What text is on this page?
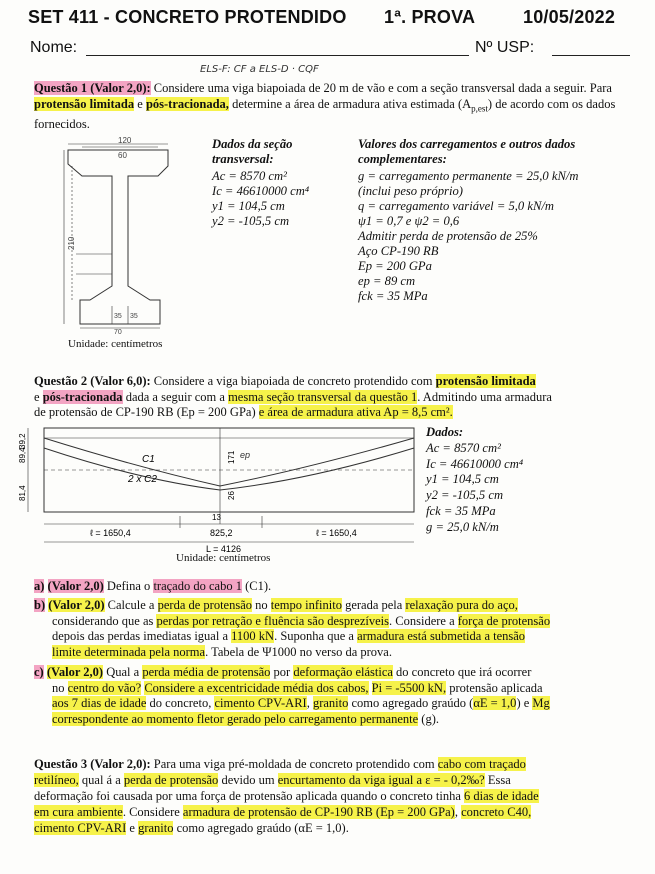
SET 411 - CONCRETO PROTENDIDO 1ª. PROVA	10/05/2022
Nome:	Nº USP:
ELS-F: CF a ELS-D · CQF
Questão 1 (Valor 2,0): Considere uma viga biapoiada de 20 m de vão e com a seção transversal dada a seguir. Para protensão limitada e pós-tracionada, determine a área de armadura ativa estimada $(A_{p,est})$ de acordo com os dados fornecidos.
120
60
210
35 35
70
Unidade: centímetros
Dados da seção transversal:
Ac = 8570 cm²
Ic = 46610000 cm⁴
y1 = 104,5 cm
y2 = -105,5 cm
Valores dos carregamentos e outros dados complementares:
g = carregamento permanente = 25,0 kN/m
(inclui peso próprio)
q = carregamento variável = 5,0 kN/m
ψ1 = 0,7 e ψ2 = 0,6
Admitir perda de protensão de 25%
Aço CP-190 RB
Ep = 200 GPa
ep = 89 cm
fck = 35 MPa
Questão 2 (Valor 6,0): Considere a viga biapoiada de concreto protendido com protensão limitada
e pós-tracionada dada a seguir com a mesma seção transversal da questão 1. Admitindo uma armadura
de protensão de CP-190 RB (Ep = 200 GPa) e área de armadura ativa Ap = 8,5 cm².
39,2
89,4
81,4
C1
2 x C2
171
26
13
ep
ℓ = 1650,4	825,2	ℓ = 1650,4
L = 4126
Unidade: centímetros
Dados:
Ac = 8570 cm²
Ic = 46610000 cm⁴
y1 = 104,5 cm
y2 = -105,5 cm
fck = 35 MPa
g = 25,0 kN/m
a) (Valor 2,0) Defina o traçado do cabo 1 (C1).
b) (Valor 2,0) Calcule a perda de protensão no tempo infinito gerada pela relaxação pura do aço,
considerando que as perdas por retração e fluência são desprezíveis. Considere a força de protensão
depois das perdas imediatas igual a 1100 kN. Suponha que a armadura está submetida a tensão
limite determinada pela norma. Tabela de Ψ1000 no verso da prova.
c) (Valor 2,0) Qual a perda média de protensão por deformação elástica do concreto que irá ocorrer
no centro do vão? Considere a excentricidade média dos cabos, Pi = -5500 kN, protensão aplicada
aos 7 dias de idade do concreto, cimento CPV-ARI, granito como agregado graúdo (αE = 1,0) e Mg
correspondente ao momento fletor gerado pelo carregamento permanente (g).
Questão 3 (Valor 2,0): Para uma viga pré-moldada de concreto protendido com cabo com traçado
retilíneo, qual á a perda de protensão devido um encurtamento da viga igual a ε = - 0,2‰? Essa
deformação foi causada por uma força de protensão aplicada quando o concreto tinha 6 dias de idade
em cura ambiente. Considere armadura de protensão de CP-190 RB (Ep = 200 GPa), concreto C40,
cimento CPV-ARI e granito como agregado graúdo (αE = 1,0).
